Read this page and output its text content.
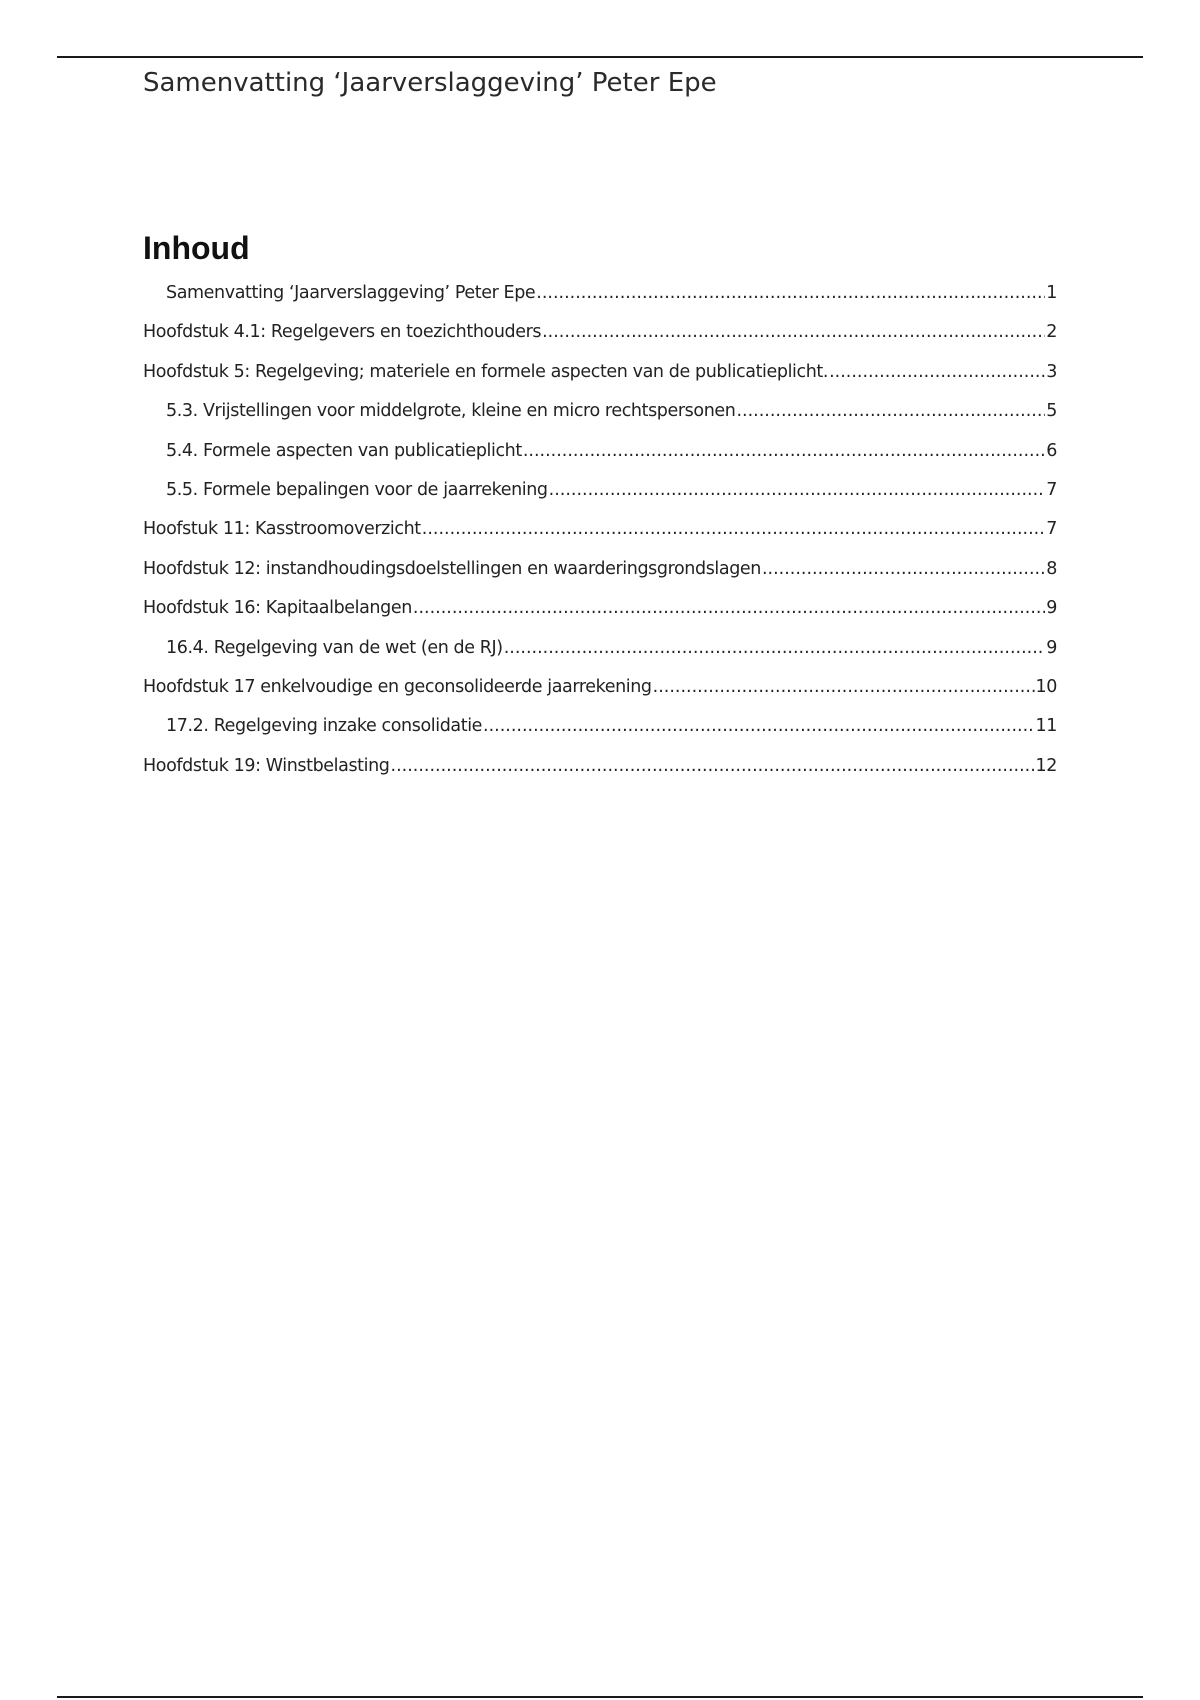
Samenvatting ‘Jaarverslaggeving’ Peter Epe
Inhoud
Samenvatting ‘Jaarverslaggeving’ Peter Epe .....	1
Hoofdstuk 4.1: Regelgevers en toezichthouders .....	2
Hoofdstuk 5: Regelgeving; materiele en formele aspecten van de publicatieplicht. .....	3
5.3. Vrijstellingen voor middelgrote, kleine en micro rechtspersonen .....	5
5.4. Formele aspecten van publicatieplicht .....	6
5.5. Formele bepalingen voor de jaarrekening .....	7
Hoofstuk 11: Kasstroomoverzicht .....	7
Hoofdstuk 12: instandhoudingsdoelstellingen en waarderingsgrondslagen .....	8
Hoofdstuk 16: Kapitaalbelangen .....	9
16.4. Regelgeving van de wet (en de RJ) .....	9
Hoofdstuk 17 enkelvoudige en geconsolideerde jaarrekening .....	10
17.2. Regelgeving inzake consolidatie .....	11
Hoofdstuk 19: Winstbelasting .....	12
